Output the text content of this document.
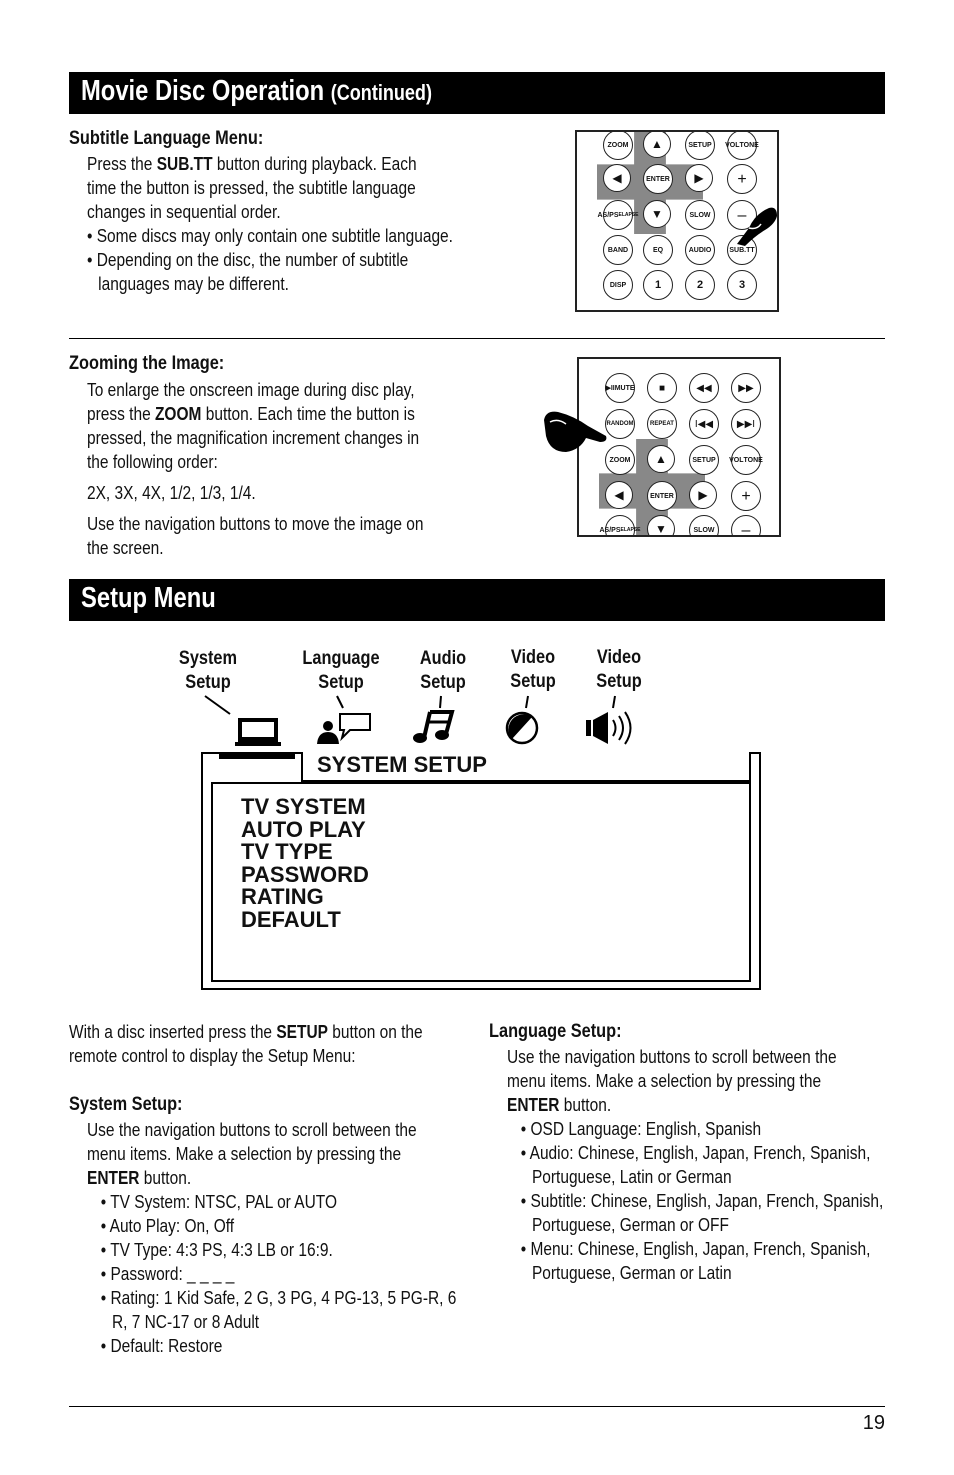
Movie Disc Operation (Continued)
Subtitle Language Menu:
Press the SUB.TT button during playback. Each
time the button is pressed, the subtitle language
changes in sequential order.
• Some discs may only contain one subtitle language.
• Depending on the disc, the number of subtitle languages may be different.
ZOOM	▲	SETUP	VOL TONE
◀	ENTER	▶	+
AS/PS ELAPSE	▼	SLOW	–
BAND	EQ	AUDIO	SUB.TT
DISP	1	2	3
Zooming the Image:
To enlarge the onscreen image during disc play,
press the ZOOM button. Each time the button is
pressed, the magnification increment changes in
the following order:
2X, 3X, 4X, 1/2, 1/3, 1/4.
Use the navigation buttons to move the image on
the screen.
▶II MUTE	■	◀◀	▶▶
RANDOM	REPEAT	I◀◀	▶▶I
ZOOM	▲	SETUP	VOL TONE
◀	ENTER	▶	+
AS/PS ELAPSE	▼	SLOW	–
Setup Menu
System
Setup
Language
Setup
Audio
Setup
Video
Setup
Video
Setup
SYSTEM SETUP
TV SYSTEM
AUTO PLAY
TV TYPE
PASSWORD
RATING
DEFAULT
With a disc inserted press the SETUP button on the
remote control to display the Setup Menu:
System Setup:
Use the navigation buttons to scroll between the
menu items. Make a selection by pressing the
ENTER button.
• TV System: NTSC, PAL or AUTO
• Auto Play: On, Off
• TV Type: 4:3 PS, 4:3 LB or 16:9.
• Password: _ _ _ _
• Rating: 1 Kid Safe, 2 G, 3 PG, 4 PG-13, 5 PG-R, 6 R, 7 NC-17 or 8 Adult
• Default: Restore
Language Setup:
Use the navigation buttons to scroll between the
menu items. Make a selection by pressing the
ENTER button.
• OSD Language: English, Spanish
• Audio: Chinese, English, Japan, French, Spanish, Portuguese, Latin or German
• Subtitle: Chinese, English, Japan, French, Spanish, Portuguese, German or OFF
• Menu: Chinese, English, Japan, French, Spanish, Portuguese, German or Latin
19
